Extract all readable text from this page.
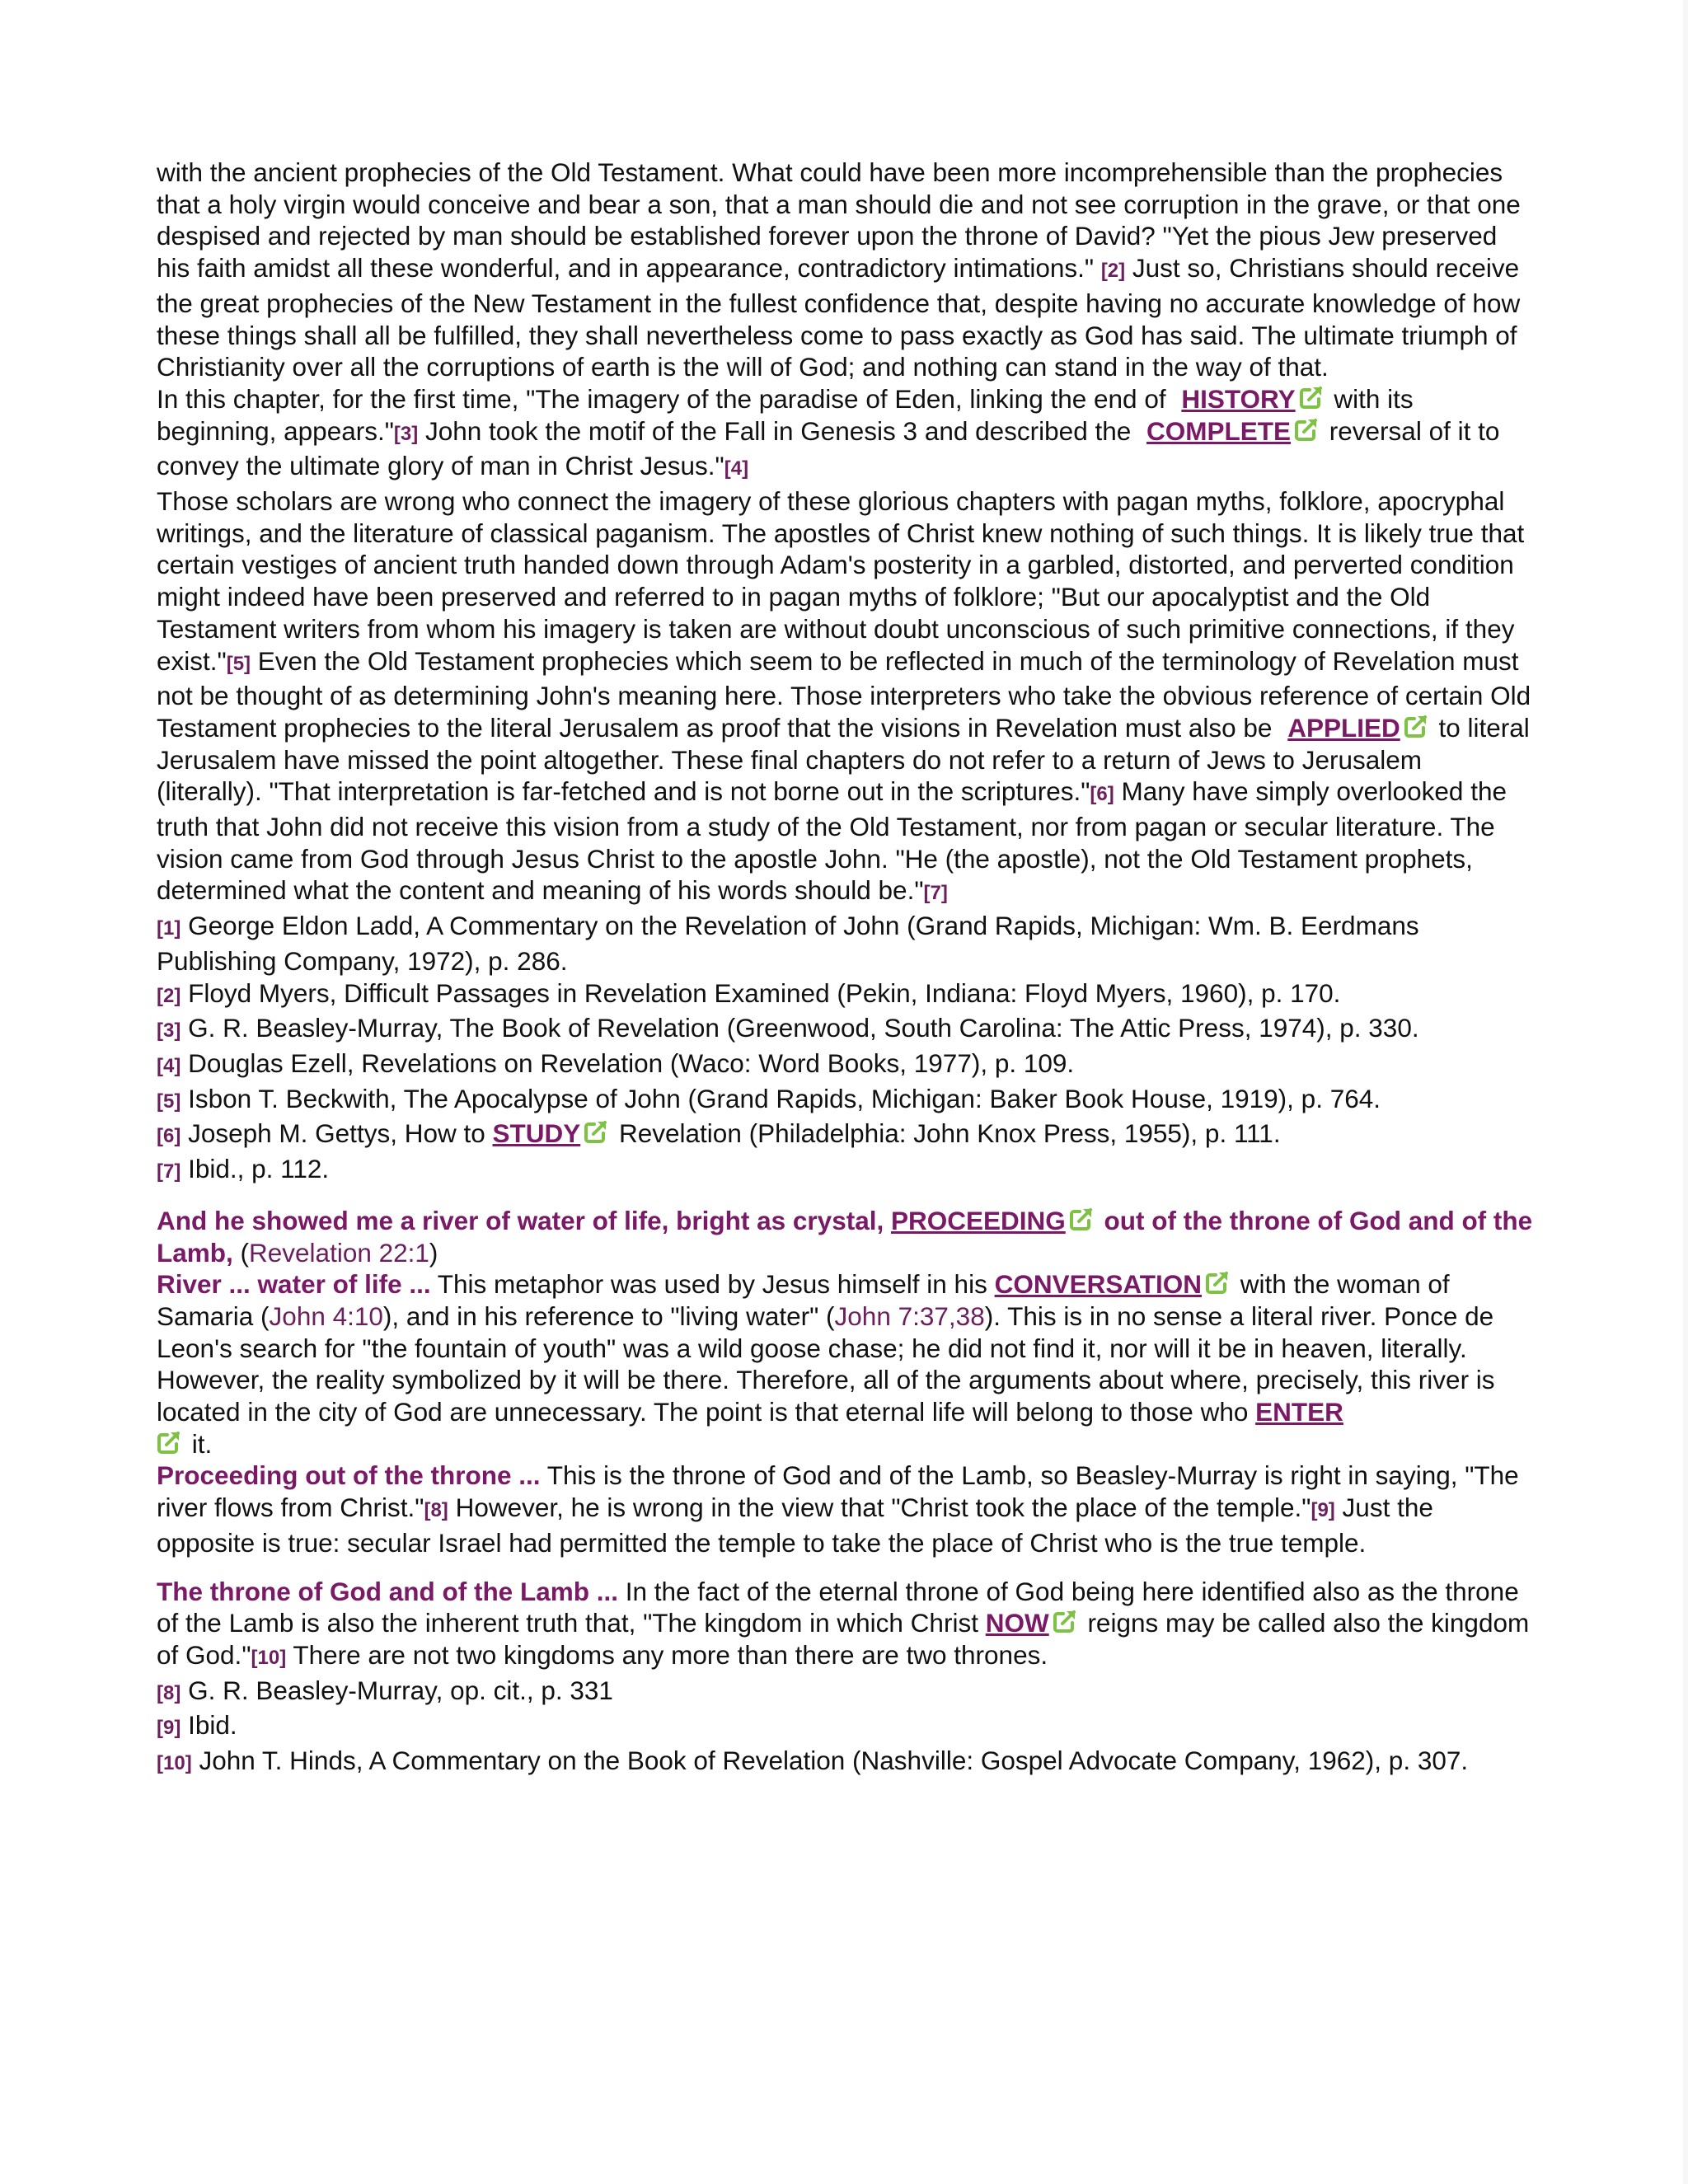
with the ancient prophecies of the Old Testament. What could have been more incomprehensible than the prophecies that a holy virgin would conceive and bear a son, that a man should die and not see corruption in the grave, or that one despised and rejected by man should be established forever upon the throne of David? "Yet the pious Jew preserved his faith amidst all these wonderful, and in appearance, contradictory intimations." [2] Just so, Christians should receive the great prophecies of the New Testament in the fullest confidence that, despite having no accurate knowledge of how these things shall all be fulfilled, they shall nevertheless come to pass exactly as God has said. The ultimate triumph of Christianity over all the corruptions of earth is the will of God; and nothing can stand in the way of that.

In this chapter, for the first time, "The imagery of the paradise of Eden, linking the end of HISTORY with its beginning, appears."[3] John took the motif of the Fall in Genesis 3 and described the COMPLETE reversal of it to convey the ultimate glory of man in Christ Jesus."[4]

Those scholars are wrong who connect the imagery of these glorious chapters with pagan myths, folklore, apocryphal writings, and the literature of classical paganism. The apostles of Christ knew nothing of such things. It is likely true that certain vestiges of ancient truth handed down through Adam's posterity in a garbled, distorted, and perverted condition might indeed have been preserved and referred to in pagan myths of folklore; "But our apocalyptist and the Old Testament writers from whom his imagery is taken are without doubt unconscious of such primitive connections, if they exist."[5] Even the Old Testament prophecies which seem to be reflected in much of the terminology of Revelation must not be thought of as determining John's meaning here. Those interpreters who take the obvious reference of certain Old Testament prophecies to the literal Jerusalem as proof that the visions in Revelation must also be APPLIED to literal Jerusalem have missed the point altogether. These final chapters do not refer to a return of Jews to Jerusalem (literally). "That interpretation is far-fetched and is not borne out in the scriptures."[6] Many have simply overlooked the truth that John did not receive this vision from a study of the Old Testament, nor from pagan or secular literature. The vision came from God through Jesus Christ to the apostle John. "He (the apostle), not the Old Testament prophets, determined what the content and meaning of his words should be."[7]

[1] George Eldon Ladd, A Commentary on the Revelation of John (Grand Rapids, Michigan: Wm. B. Eerdmans Publishing Company, 1972), p. 286.

[2] Floyd Myers, Difficult Passages in Revelation Examined (Pekin, Indiana: Floyd Myers, 1960), p. 170.

[3] G. R. Beasley-Murray, The Book of Revelation (Greenwood, South Carolina: The Attic Press, 1974), p. 330.

[4] Douglas Ezell, Revelations on Revelation (Waco: Word Books, 1977), p. 109.

[5] Isbon T. Beckwith, The Apocalypse of John (Grand Rapids, Michigan: Baker Book House, 1919), p. 764.

[6] Joseph M. Gettys, How to STUDY Revelation (Philadelphia: John Knox Press, 1955), p. 111.

[7] Ibid., p. 112.

And he showed me a river of water of life, bright as crystal, PROCEEDING out of the throne of God and of the Lamb, (Revelation 22:1)

River ... water of life ... This metaphor was used by Jesus himself in his CONVERSATION with the woman of Samaria (John 4:10), and in his reference to "living water" (John 7:37,38). This is in no sense a literal river. Ponce de Leon's search for "the fountain of youth" was a wild goose chase; he did not find it, nor will it be in heaven, literally. However, the reality symbolized by it will be there. Therefore, all of the arguments about where, precisely, this river is located in the city of God are unnecessary. The point is that eternal life will belong to those who ENTER
it.

Proceeding out of the throne ... This is the throne of God and of the Lamb, so Beasley-Murray is right in saying, "The river flows from Christ."[8] However, he is wrong in the view that "Christ took the place of the temple."[9] Just the opposite is true: secular Israel had permitted the temple to take the place of Christ who is the true temple.

The throne of God and of the Lamb ... In the fact of the eternal throne of God being here identified also as the throne of the Lamb is also the inherent truth that, "The kingdom in which Christ NOW reigns may be called also the kingdom of God."[10] There are not two kingdoms any more than there are two thrones.

[8] G. R. Beasley-Murray, op. cit., p. 331

[9] Ibid.

[10] John T. Hinds, A Commentary on the Book of Revelation (Nashville: Gospel Advocate Company, 1962), p. 307.
